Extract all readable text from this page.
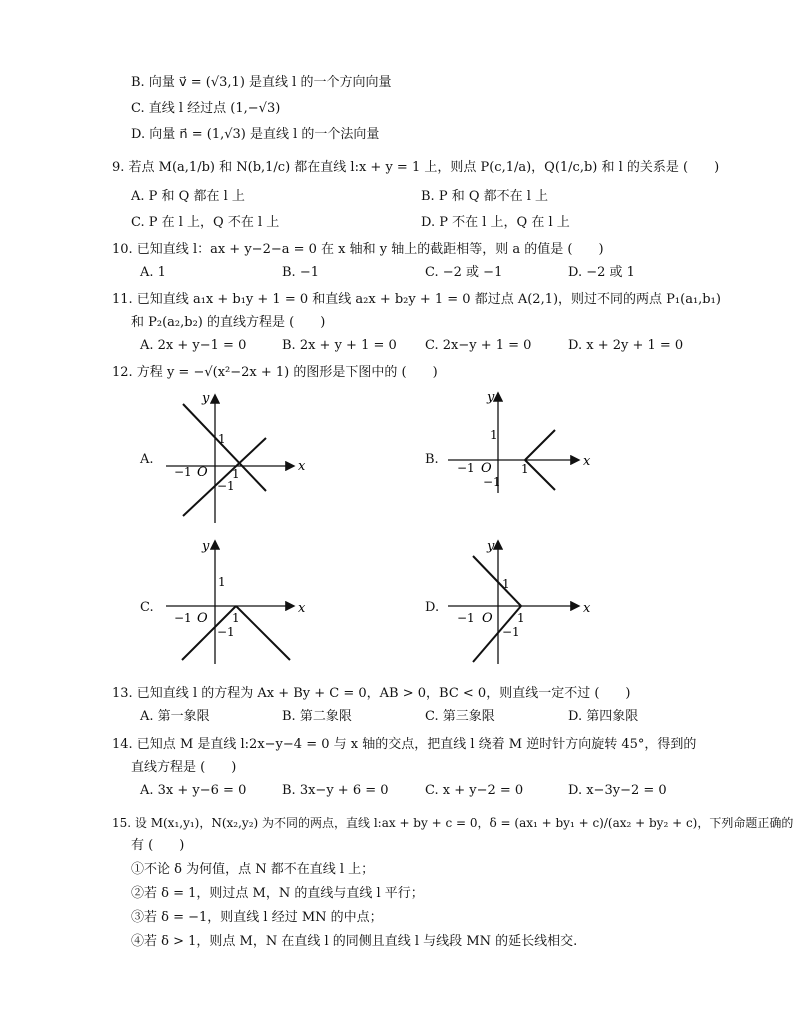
B. 向量 v⃗ = (√3,1) 是直线 l 的一个方向向量
C. 直线 l 经过点 (1,−√3)
D. 向量 n⃗ = (1,√3) 是直线 l 的一个法向量
9. 若点 M(a,1/b) 和 N(b,1/c) 都在直线 l:x + y = 1 上，则点 P(c,1/a)，Q(1/c,b) 和 l 的关系是 (　　)
A. P 和 Q 都在 l 上	B. P 和 Q 都不在 l 上
C. P 在 l 上，Q 不在 l 上	D. P 不在 l 上，Q 在 l 上
10. 已知直线 l：ax + y−2−a = 0 在 x 轴和 y 轴上的截距相等，则 a 的值是 (　　)
A. 1	B. −1	C. −2 或 −1	D. −2 或 1
11. 已知直线 a₁x + b₁y + 1 = 0 和直线 a₂x + b₂y + 1 = 0 都过点 A(2,1)，则过不同的两点 P₁(a₁,b₁)
和 P₂(a₂,b₂) 的直线方程是 (　　)
A. 2x + y−1 = 0	B. 2x + y + 1 = 0 C. 2x−y + 1 = 0	D. x + 2y + 1 = 0
12. 方程 y = −√(x²−2x + 1) 的图形是下图中的 (　　)
A.	x
y
O
1
1
−1
−1
B.	x
y
O
1
1
−1
−1
C.	x
y
O
1
1
−1
−1
D.	x
y
O
1
1
−1
−1
13. 已知直线 l 的方程为 Ax + By + C = 0，AB > 0，BC < 0，则直线一定不过 (　　)
A. 第一象限	B. 第二象限	C. 第三象限	D. 第四象限
14. 已知点 M 是直线 l:2x−y−4 = 0 与 x 轴的交点，把直线 l 绕着 M 逆时针方向旋转 45°，得到的
直线方程是 (　　)
A. 3x + y−6 = 0	B. 3x−y + 6 = 0	C. x + y−2 = 0	D. x−3y−2 = 0
15. 设 M(x₁,y₁)，N(x₂,y₂) 为不同的两点，直线 l:ax + by + c = 0，δ = (ax₁ + by₁ + c)/(ax₂ + by₂ + c)，下列命题正确的
有 (　　)
①不论 δ 为何值，点 N 都不在直线 l 上；
②若 δ = 1，则过点 M，N 的直线与直线 l 平行；
③若 δ = −1，则直线 l 经过 MN 的中点；
④若 δ > 1，则点 M，N 在直线 l 的同侧且直线 l 与线段 MN 的延长线相交.
